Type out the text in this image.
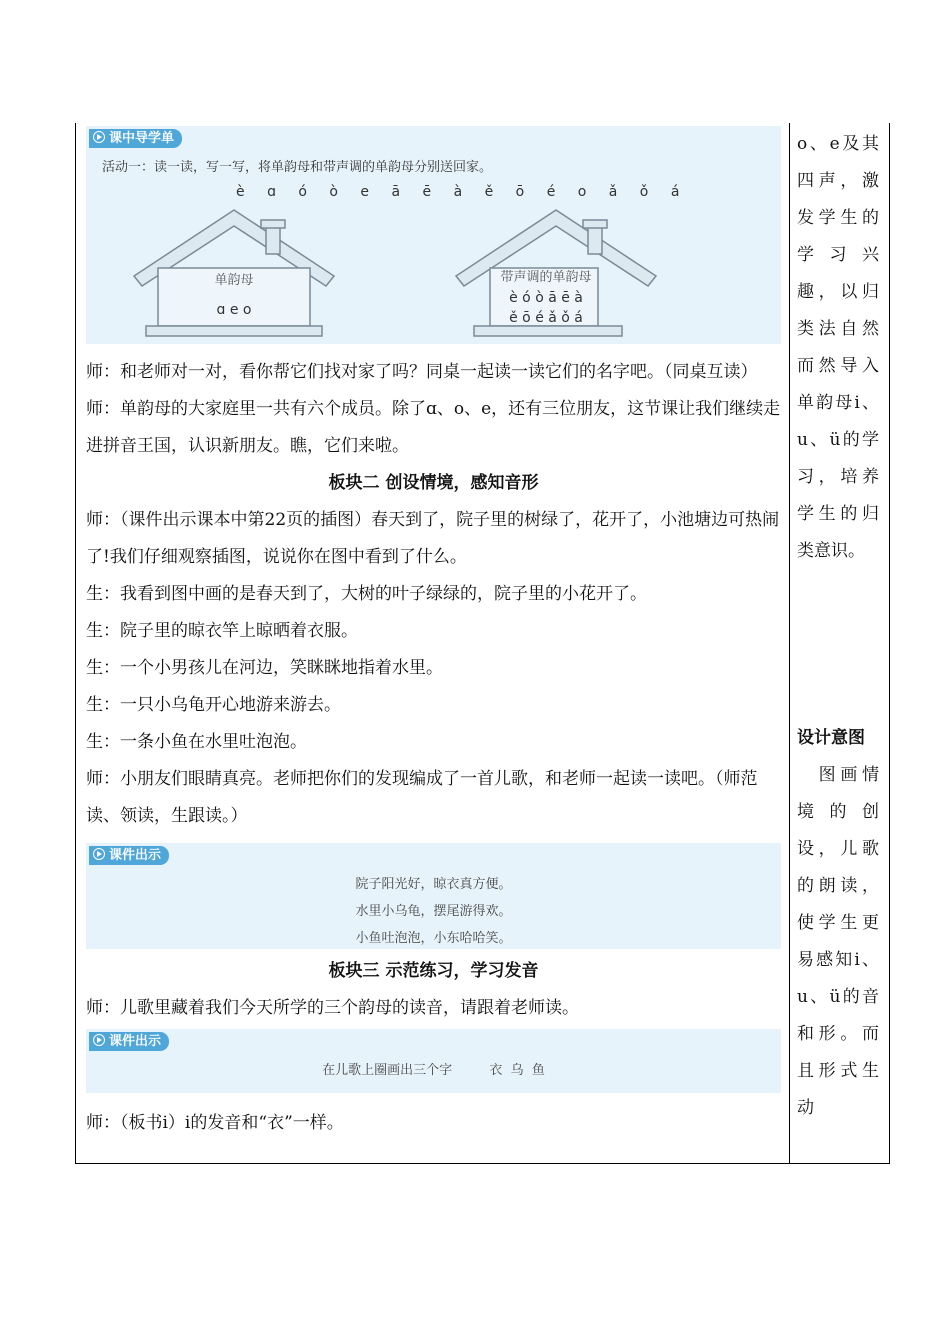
课中导学单
活动一：读一读，写一写，将单韵母和带声调的单韵母分别送回家。
è ɑ ó ò e ā ē à ě ō é o ǎ ǒ á
单韵母
ɑ e o
带声调的单韵母
è ó ò ā ē à
ě ō é ǎ ǒ á

师：和老师对一对，看你帮它们找对家了吗？同桌一起读一读它们的名字吧。（同桌互读）

师：单韵母的大家庭里一共有六个成员。除了ɑ、o、e，还有三位朋友，这节课让我们继续走进拼音王国，认识新朋友。瞧，它们来啦。

板块二 创设情境，感知音形

师：（课件出示课本中第22页的插图）春天到了，院子里的树绿了，花开了，小池塘边可热闹了!我们仔细观察插图，说说你在图中看到了什么。

生：我看到图中画的是春天到了，大树的叶子绿绿的，院子里的小花开了。

生：院子里的晾衣竿上晾晒着衣服。

生：一个小男孩儿在河边，笑眯眯地指着水里。

生：一只小乌龟开心地游来游去。

生：一条小鱼在水里吐泡泡。

师：小朋友们眼睛真亮。老师把你们的发现编成了一首儿歌，和老师一起读一读吧。（师范读、领读，生跟读。）

课件出示
院子阳光好，晾衣真方便。
水里小乌龟，摆尾游得欢。
小鱼吐泡泡，小东哈哈笑。

板块三 示范练习，学习发音

师：儿歌里藏着我们今天所学的三个韵母的读音，请跟着老师读。

课件出示
在儿歌上圈画出三个字         衣  乌  鱼

师：（板书i）i的发音和“衣”一样。

o、e及其四声，激发学生的学习兴趣，以归类法自然而然导入单韵母i、u、ü的学习，培养学生的归类意识。

设计意图

　图画情境的创设，儿歌的朗读，使学生更易感知i、u、ü的音和形。而且形式生动
